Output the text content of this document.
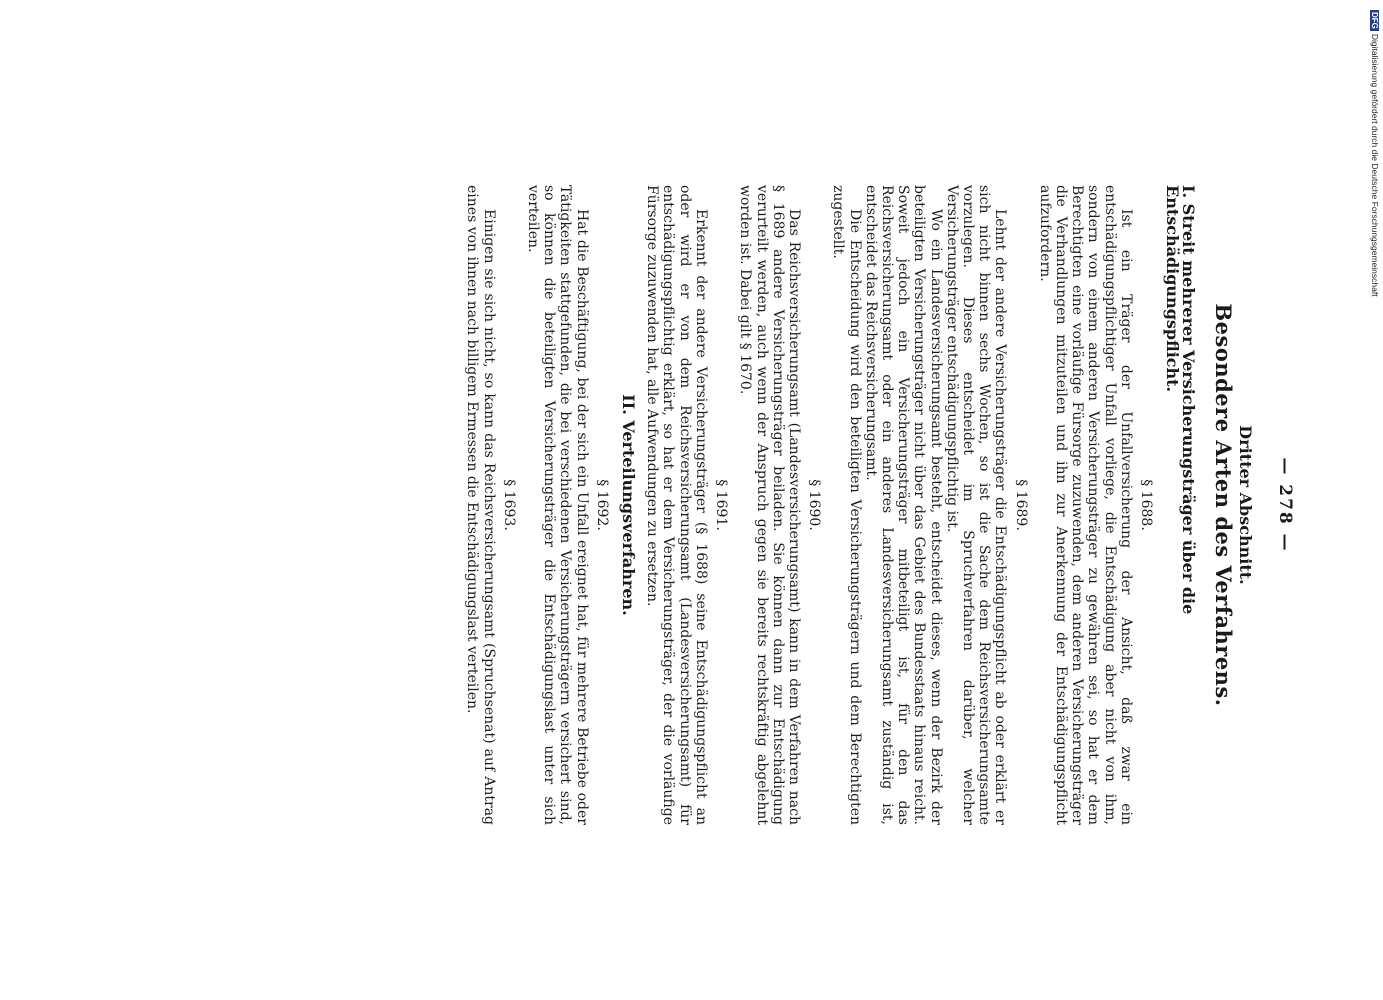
— 278 —
Dritter Abschnitt.
Besondere Arten des Verfahrens.
I. Streit mehrerer Versicherungsträger über die Entschädigungspflicht.
§ 1688.

Ist ein Träger der Unfallversicherung der Ansicht, daß zwar ein entschädigungspflichtiger Unfall vorliege, die Entschädigung aber nicht von ihm, sondern von einem anderen Versicherungsträger zu gewähren sei, so hat er dem Berechtigten eine vorläufige Fürsorge zuzuwenden, dem anderen Versicherungsträger die Verhandlungen mitzuteilen und ihn zur Anerkennung der Entschädigungspflicht aufzufordern.

§ 1689.

Lehnt der andere Versicherungsträger die Entschädigungspflicht ab oder erklärt er sich nicht binnen sechs Wochen, so ist die Sache dem Reichsversicherungsamte vorzulegen. Dieses entscheidet im Spruchverfahren darüber, welcher Versicherungsträger entschädigungspflichtig ist.

Wo ein Landesversicherungsamt besteht, entscheidet dieses, wenn der Bezirk der beteiligten Versicherungsträger nicht über das Gebiet des Bundesstaats hinaus reicht. Soweit jedoch ein Versicherungsträger mitbeteiligt ist, für den das Reichsversicherungsamt oder ein anderes Landesversicherungsamt zuständig ist, entscheidet das Reichsversicherungsamt.

Die Entscheidung wird den beteiligten Versicherungsträgern und dem Berechtigten zugestellt.

§ 1690.

Das Reichsversicherungsamt (Landesversicherungsamt) kann in dem Verfahren nach § 1689 andere Versicherungsträger beiladen. Sie können dann zur Entschädigung verurteilt werden, auch wenn der Anspruch gegen sie bereits rechtskräftig abgelehnt worden ist. Dabei gilt § 1670.

§ 1691.

Erkennt der andere Versicherungsträger (§ 1688) seine Entschädigungspflicht an oder wird er von dem Reichsversicherungsamt (Landesversicherungsamt) für entschädigungspflichtig erklärt, so hat er dem Versicherungsträger, der die vorläufige Fürsorge zuzuwenden hat, alle Aufwendungen zu ersetzen.

II. Verteilungsverfahren.
§ 1692.

Hat die Beschäftigung, bei der sich ein Unfall ereignet hat, für mehrere Betriebe oder Tätigkeiten stattgefunden, die bei verschiedenen Versicherungsträgern versichert sind, so können die beteiligten Versicherungsträger die Entschädigungslast unter sich verteilen.

§ 1693.

Einigen sie sich nicht, so kann das Reichsversicherungsamt (Spruchsenat) auf Antrag eines von ihnen nach billigem Ermessen die Entschädigungslast verteilen.

DFGDigitalisierung gefördert durch die Deutsche Forschungsgemeinschaft
